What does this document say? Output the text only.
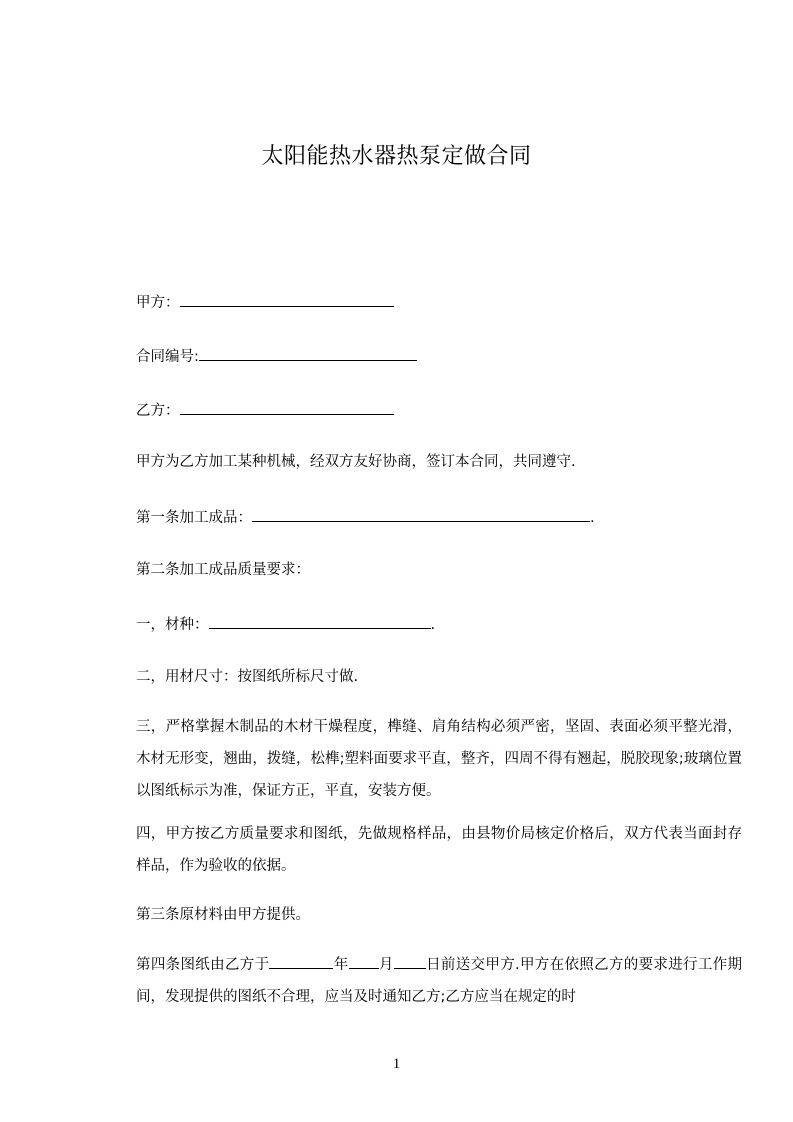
太阳能热水器热泵定做合同
甲方：
合同编号:
乙方：
甲方为乙方加工某种机械，经双方友好协商，签订本合同，共同遵守.
第一条加工成品：	.
第二条加工成品质量要求：
一，材种：	.
二，用材尺寸：按图纸所标尺寸做.
三，严格掌握木制品的木材干燥程度，榫缝、肩角结构必须严密，坚固、表面必须平整光滑，木材无形变，翘曲，拨缝，松榫;塑料面要求平直，整齐，四周不得有翘起，脱胶现象;玻璃位置以图纸标示为准，保证方正，平直，安装方便。
四，甲方按乙方质量要求和图纸，先做规格样品，由县物价局核定价格后，双方代表当面封存样品，作为验收的依据。
第三条原材料由甲方提供。
第四条图纸由乙方于	年 月 日前送交甲方.甲方在依照乙方的要求进行工作期间，发现提供的图纸不合理，应当及时通知乙方;乙方应当在规定的时
1
